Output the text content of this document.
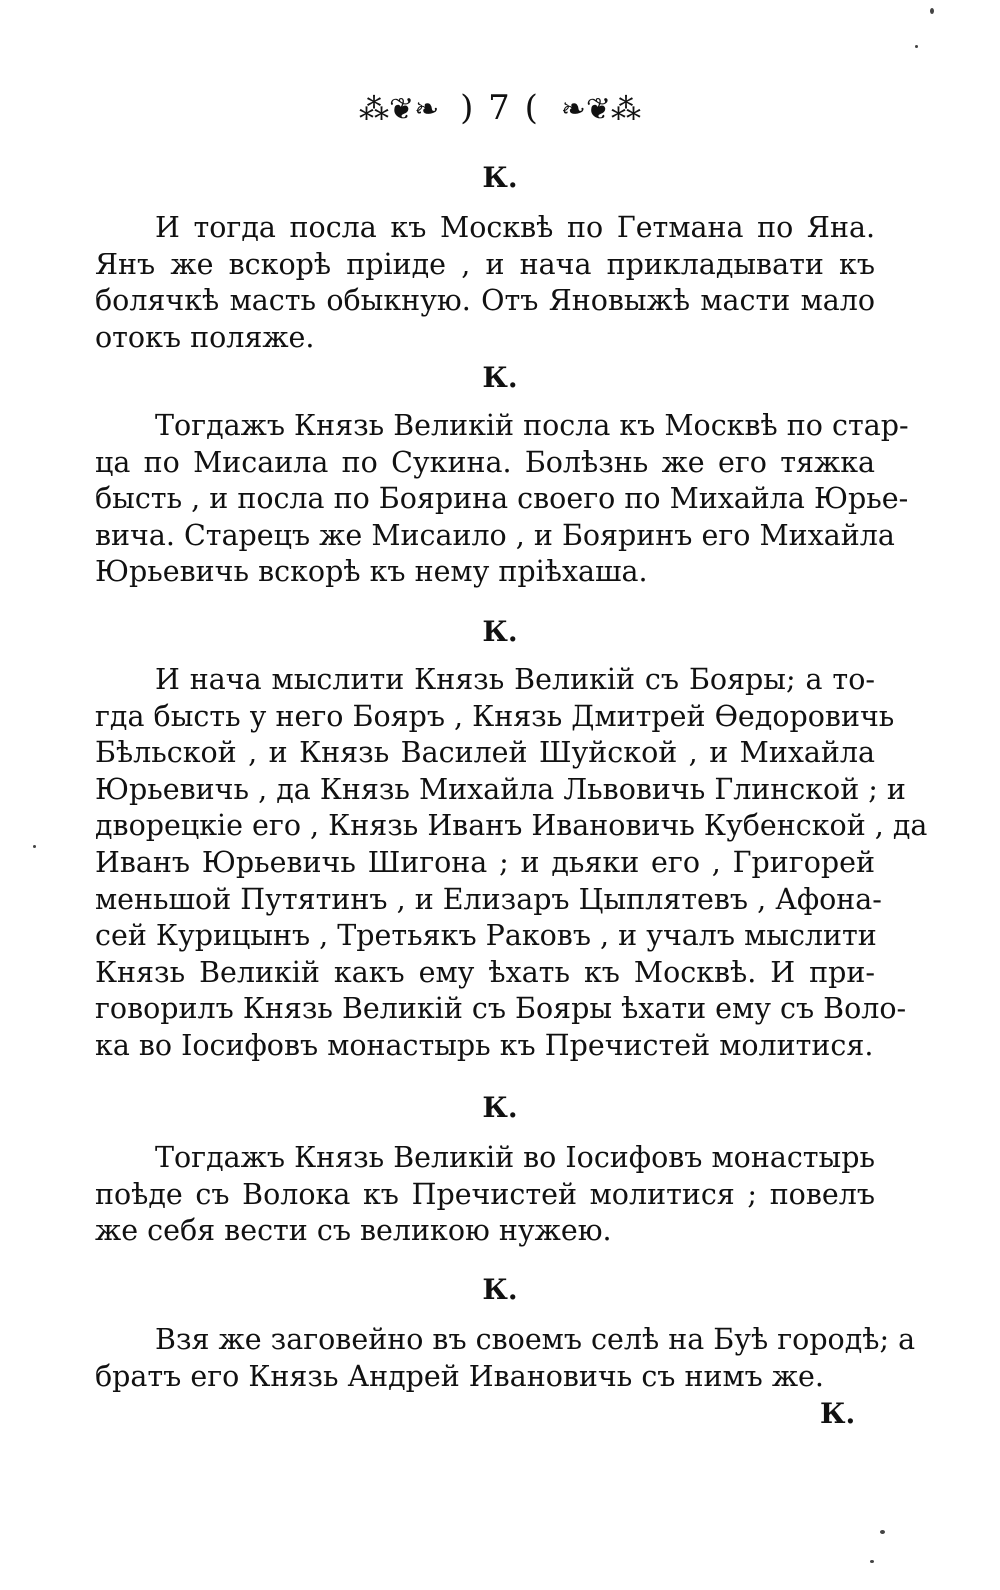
⁂❦❧ ) 7 ( ❧❦⁂
К.

И тогда посла къ Москвѣ по Гетмана по Яна.
Янъ же вскорѣ пріиде , и нача прикладывати къ
болячкѣ масть обыкную. Отъ Яновыжѣ масти мало
отокъ поляже.

К.

Тогдажъ Князь Великій посла къ Москвѣ по стар-
ца по Мисаила по Сукина. Болѣзнь же его тяжка
бысть , и посла по Боярина своего по Михайла Юрье-
вича. Старецъ же Мисаило , и Бояринъ его Михайла
Юрьевичь вскорѣ къ нему пріѣхаша.

К.

И нача мыслити Князь Великій съ Бояры; а то-
гда бысть у него Бояръ , Князь Дмитрей Ѳедоровичь
Бѣльской , и Князь Василей Шуйской , и Михайла
Юрьевичь , да Князь Михайла Львовичь Глинской ; и
дворецкіе его , Князь Иванъ Ивановичь Кубенской , да
Иванъ Юрьевичь Шигона ; и дьяки его , Григорей
меньшой Путятинъ , и Елизаръ Цыплятевъ , Афона-
сей Курицынъ , Третьякъ Раковъ , и учалъ мыслити
Князь Великій какъ ему ѣхать къ Москвѣ. И при-
говорилъ Князь Великій съ Бояры ѣхати ему съ Воло-
ка во Іосифовъ монастырь къ Пречистей молитися.

К.

Тогдажъ Князь Великій во Іосифовъ монастырь
поѣде съ Волока къ Пречистей молитися ; повелъ
же себя вести съ великою нужею.

К.

Взя же заговейно въ своемъ селѣ на Буѣ городѣ; а
братъ его Князь Андрей Ивановичь съ нимъ же.

К.
